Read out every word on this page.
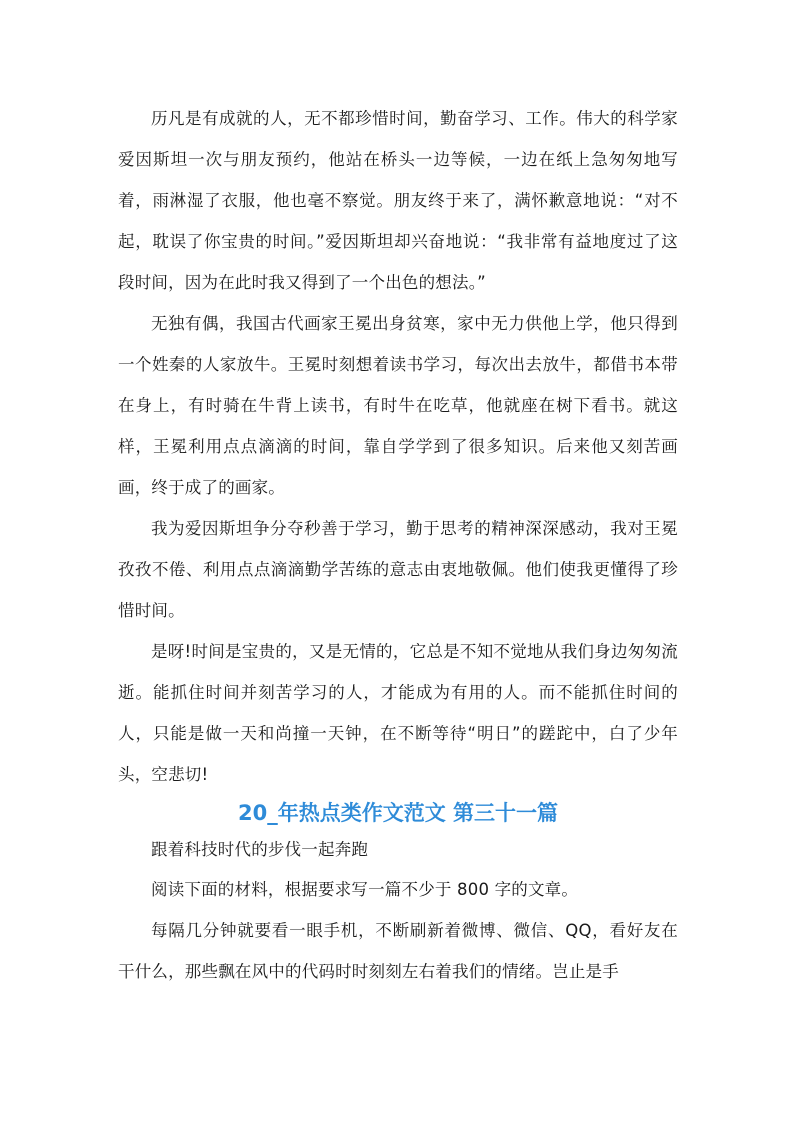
历凡是有成就的人，无不都珍惜时间，勤奋学习、工作。伟大的科学家爱因斯坦一次与朋友预约，他站在桥头一边等候，一边在纸上急匆匆地写着，雨淋湿了衣服，他也毫不察觉。朋友终于来了，满怀歉意地说：“对不起，耽误了你宝贵的时间。”爱因斯坦却兴奋地说：“我非常有益地度过了这段时间，因为在此时我又得到了一个出色的想法。”

无独有偶，我国古代画家王冕出身贫寒，家中无力供他上学，他只得到一个姓秦的人家放牛。王冕时刻想着读书学习，每次出去放牛，都借书本带在身上，有时骑在牛背上读书，有时牛在吃草，他就座在树下看书。就这样，王冕利用点点滴滴的时间，靠自学学到了很多知识。后来他又刻苦画画，终于成了的画家。

我为爱因斯坦争分夺秒善于学习，勤于思考的精神深深感动，我对王冕孜孜不倦、利用点点滴滴勤学苦练的意志由衷地敬佩。他们使我更懂得了珍惜时间。

是呀!时间是宝贵的，又是无情的，它总是不知不觉地从我们身边匆匆流逝。能抓住时间并刻苦学习的人，才能成为有用的人。而不能抓住时间的人，只能是做一天和尚撞一天钟，在不断等待“明日”的蹉跎中，白了少年头，空悲切!

20_年热点类作文范文 第三十一篇

跟着科技时代的步伐一起奔跑

阅读下面的材料，根据要求写一篇不少于 800 字的文章。

每隔几分钟就要看一眼手机，不断刷新着微博、微信、QQ，看好友在干什么，那些飘在风中的代码时时刻刻左右着我们的情绪。岂止是手
